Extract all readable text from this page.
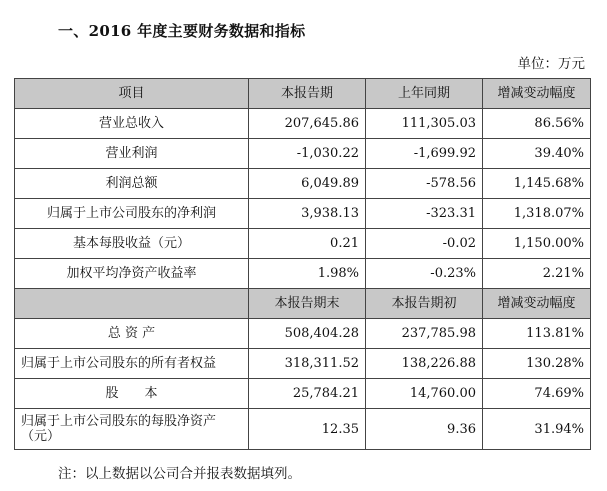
一、2016 年度主要财务数据和指标
单位：万元
项目	本报告期	上年同期	增减变动幅度
营业总收入	207,645.86	111,305.03	86.56%
营业利润	-1,030.22	-1,699.92	39.40%
利润总额	6,049.89	-578.56	1,145.68%
归属于上市公司股东的净利润	3,938.13	-323.31	1,318.07%
基本每股收益（元）	0.21	-0.02	1,150.00%
加权平均净资产收益率	1.98%	-0.23%	2.21%
	本报告期末	本报告期初	增减变动幅度
总 资 产	508,404.28	237,785.98	113.81%
归属于上市公司股东的所有者权益	318,311.52	138,226.88	130.28%
股　　本	25,784.21	14,760.00	74.69%
归属于上市公司股东的每股净资产（元）	12.35	9.36	31.94%
注：以上数据以公司合并报表数据填列。
